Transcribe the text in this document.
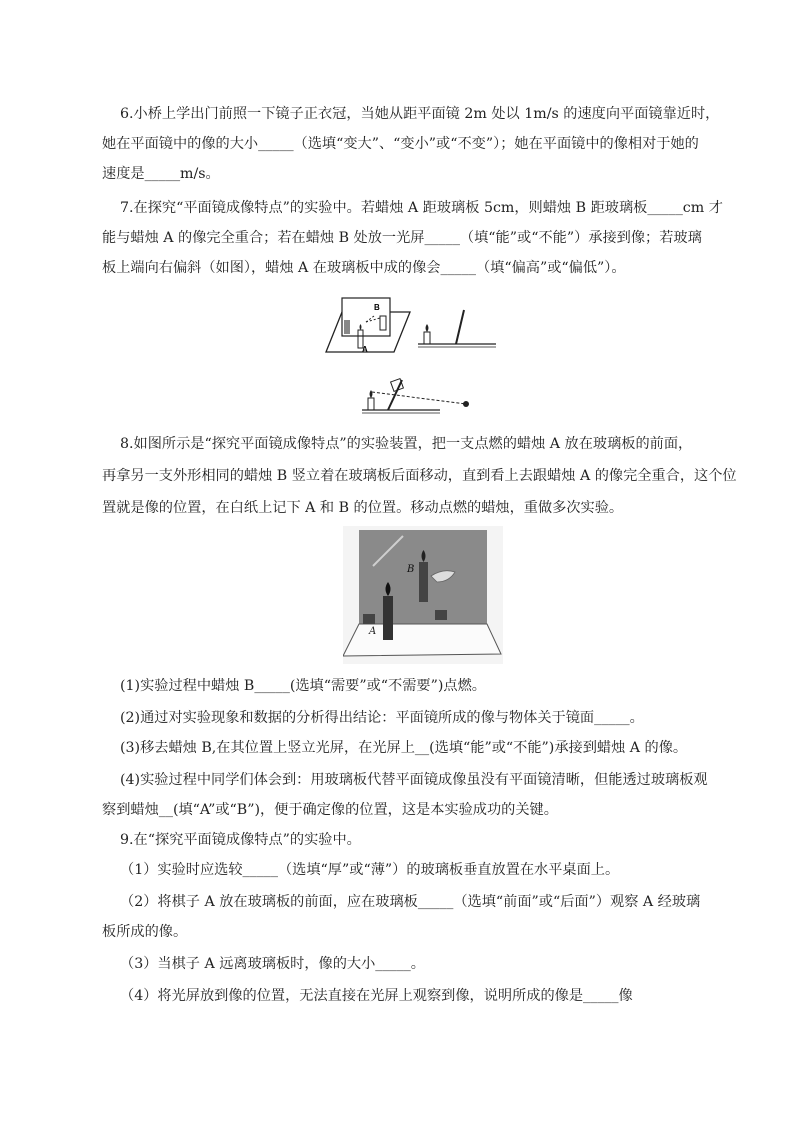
6.小桥上学出门前照一下镜子正衣冠，当她从距平面镜 2m 处以 1m/s 的速度向平面镜靠近时，
她在平面镜中的像的大小_____（选填“变大”、“变小”或“不变”）；她在平面镜中的像相对于她的
速度是_____m/s。
7.在探究“平面镜成像特点”的实验中。若蜡烛 A 距玻璃板 5cm，则蜡烛 B 距玻璃板_____cm 才
能与蜡烛 A 的像完全重合；若在蜡烛 B 处放一光屏_____（填“能”或“不能”）承接到像；若玻璃
板上端向右偏斜（如图），蜡烛 A 在玻璃板中成的像会_____（填“偏高”或“偏低”）。
B
A
8.如图所示是“探究平面镜成像特点”的实验装置，把一支点燃的蜡烛 A 放在玻璃板的前面，
再拿另一支外形相同的蜡烛 B 竖立着在玻璃板后面移动，直到看上去跟蜡烛 A 的像完全重合，这个位
置就是像的位置，在白纸上记下 A 和 B 的位置。移动点燃的蜡烛，重做多次实验。
A
B
(1)实验过程中蜡烛 B_____(选填“需要”或“不需要”)点燃。
(2)通过对实验现象和数据的分析得出结论：平面镜所成的像与物体关于镜面_____。
(3)移去蜡烛 B,在其位置上竖立光屏，在光屏上__(选填“能”或“不能”)承接到蜡烛 A 的像。
(4)实验过程中同学们体会到：用玻璃板代替平面镜成像虽没有平面镜清晰，但能透过玻璃板观
察到蜡烛__(填“A”或“B”)，便于确定像的位置，这是本实验成功的关键。
9.在“探究平面镜成像特点”的实验中。
（1）实验时应选较_____（选填“厚”或“薄”）的玻璃板垂直放置在水平桌面上。
（2）将棋子 A 放在玻璃板的前面，应在玻璃板_____（选填“前面”或“后面”）观察 A 经玻璃
板所成的像。
（3）当棋子 A 远离玻璃板时，像的大小_____。
（4）将光屏放到像的位置，无法直接在光屏上观察到像，说明所成的像是_____像
